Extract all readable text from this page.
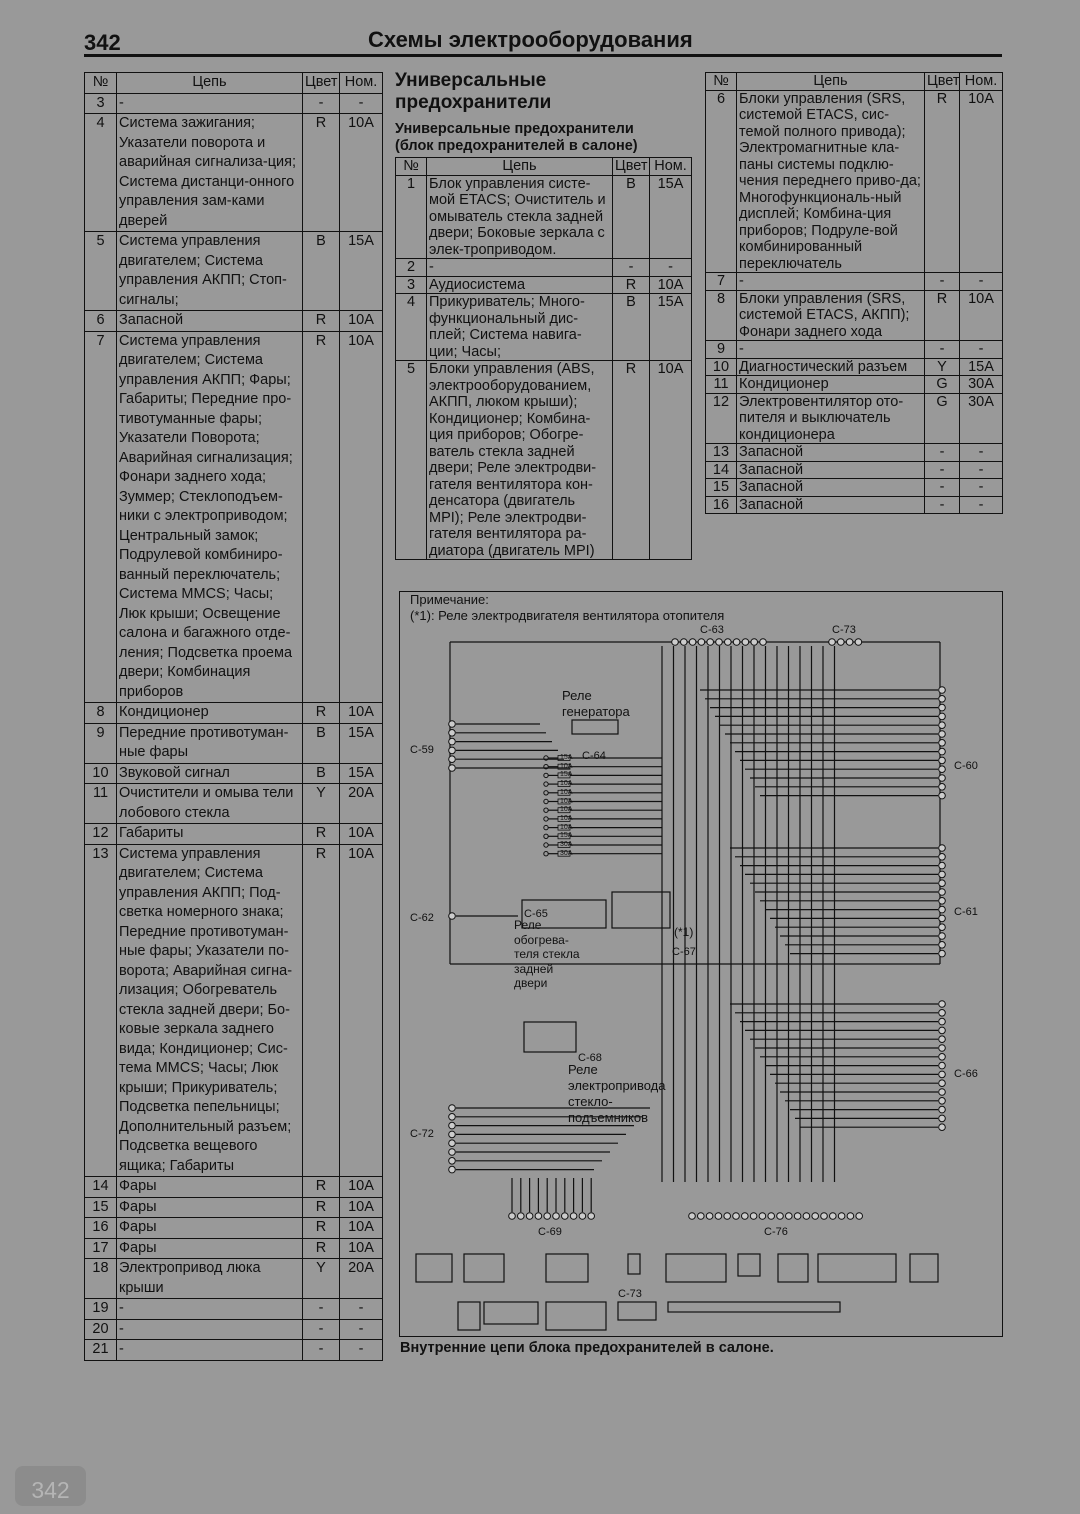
342	Схемы электрооборудования
№	Цепь	Цвет	Ном.
3	-	-	-
4	Система зажигания; Указатели поворота и аварийная сигнализа-ция; Система дистанци-онного управления зам-ками дверей	R	10A
5	Система управления двигателем; Система управления АКПП; Стоп-сигналы;	B	15A
6	Запасной	R	10A
7	Система управления двигателем; Система управления АКПП; Фары; Габариты; Передние про-тивотуманные фары; Указатели Поворота; Аварийная сигнализация; Фонари заднего хода; Зуммер; Стеклоподъем-ники с электроприводом; Центральный замок; Подрулевой комбиниро-ванный переключатель; Система MMCS; Часы; Люк крыши; Освещение салона и багажного отде-ления; Подсветка проема двери; Комбинация приборов	R	10A
8	Кондиционер	R	10A
9	Передние противотуман-ные фары	B	15A
10	Звуковой сигнал	B	15A
11	Очистители и омыва тели лобового стекла	Y	20A
12	Габариты	R	10A
13	Система управления двигателем; Система управления АКПП; Под-светка номерного знака; Передние противотуман-ные фары; Указатели по-ворота; Аварийная сигна-лизация; Обогреватель стекла задней двери; Бо-ковые зеркала заднего вида; Кондиционер; Сис-тема MMCS; Часы; Люк крыши; Прикуриватель; Подсветка пепельницы; Дополнительный разъем; Подсветка вещевого ящика; Габариты	R	10A
14	Фары	R	10A
15	Фары	R	10A
16	Фары	R	10A
17	Фары	R	10A
18	Электропривод люка крыши	Y	20A
19	-	-	-
20	-	-	-
21	-	-	-
Универсальные
предохранители
Универсальные предохранители
(блок предохранителей в салоне)
№	Цепь	Цвет	Ном.
1	Блок управления систе-мой ETACS; Очиститель и омыватель стекла задней двери; Боковые зеркала с элек-троприводом.	B	15A
2	-	-	-
3	Аудиосистема	R	10A
4	Прикуриватель; Много-функциональный дис-плей; Система навига-ции; Часы;	B	15A
5	Блоки управления (ABS, электрооборудованием, АКПП, люком крыши); Кондиционер; Комбина-ция приборов; Обогре-ватель стекла задней двери; Реле электродви-гателя вентилятора кон-денсатора (двигатель MPI); Реле электродви-гателя вентилятора ра-диатора (двигатель MPI)	R	10A
№	Цепь	Цвет	Ном.
6	Блоки управления (SRS, системой ETACS, сис-темой полного привода); Электромагнитные кла-паны системы подклю-чения переднего приво-да; Многофункциональ-ный дисплей; Комбина-ция приборов; Подруле-вой комбинированный переключатель	R	10A
7	-	-	-
8	Блоки управления (SRS, системой ETACS, АКПП); Фонари заднего хода	R	10A
9	-	-	-
10	Диагностический разъем	Y	15A
11	Кондиционер	G	30A
12	Электровентилятор ото-пителя и выключатель кондиционера	G	30A
13	Запасной	-	-
14	Запасной	-	-
15	Запасной	-	-
16	Запасной	-	-
Примечание:
(*1): Реле электродвигателя вентилятора отопителя
Реле
генератора
Реле обогрева-теля стекла задней двери
Реле электропривода стекло-подъемников
(*1)
C-59
C-62
C-72
C-60
C-61
C-66
C-63	C-73
C-64
C-65
C-67
C-68
C-69	C-76
C-73
15A
10A
15A
10A
10A
10A
10A
10A
10A
15A
30A
30A
Внутренние цепи блока предохранителей в салоне.
342
